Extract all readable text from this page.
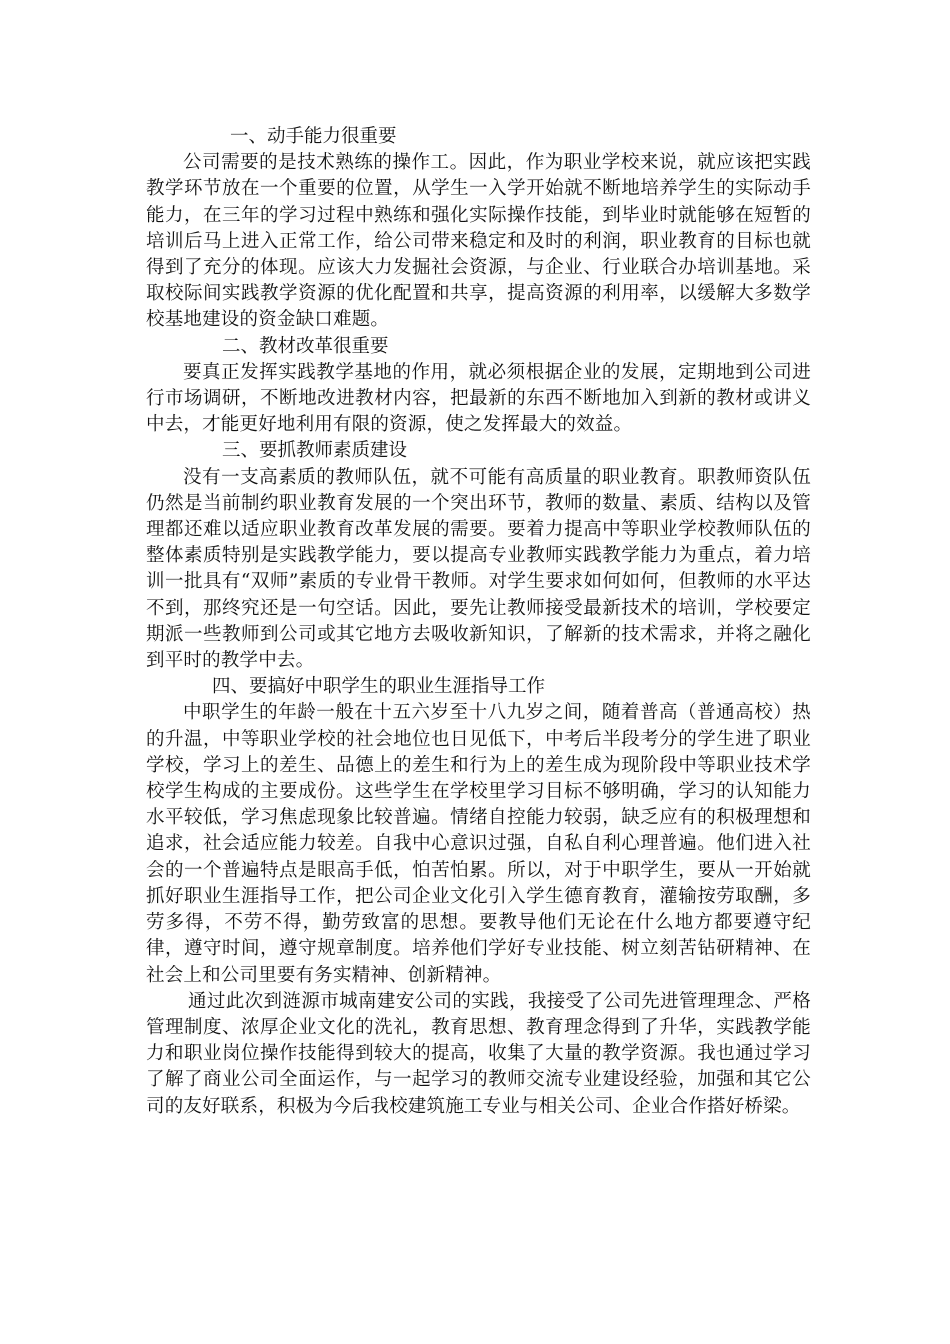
一、动手能力很重要

公司需要的是技术熟练的操作工。因此，作为职业学校来说，就应该把实践教学环节放在一个重要的位置，从学生一入学开始就不断地培养学生的实际动手能力，在三年的学习过程中熟练和强化实际操作技能，到毕业时就能够在短暂的培训后马上进入正常工作，给公司带来稳定和及时的利润，职业教育的目标也就得到了充分的体现。应该大力发掘社会资源，与企业、行业联合办培训基地。采取校际间实践教学资源的优化配置和共享，提高资源的利用率，以缓解大多数学校基地建设的资金缺口难题。

二、教材改革很重要

要真正发挥实践教学基地的作用，就必须根据企业的发展，定期地到公司进行市场调研，不断地改进教材内容，把最新的东西不断地加入到新的教材或讲义中去，才能更好地利用有限的资源，使之发挥最大的效益。

三、要抓教师素质建设

没有一支高素质的教师队伍，就不可能有高质量的职业教育。职教师资队伍仍然是当前制约职业教育发展的一个突出环节，教师的数量、素质、结构以及管理都还难以适应职业教育改革发展的需要。要着力提高中等职业学校教师队伍的整体素质特别是实践教学能力，要以提高专业教师实践教学能力为重点，着力培训一批具有“双师”素质的专业骨干教师。对学生要求如何如何，但教师的水平达不到，那终究还是一句空话。因此，要先让教师接受最新技术的培训，学校要定期派一些教师到公司或其它地方去吸收新知识，了解新的技术需求，并将之融化到平时的教学中去。

四、要搞好中职学生的职业生涯指导工作

中职学生的年龄一般在十五六岁至十八九岁之间，随着普高（普通高校）热的升温，中等职业学校的社会地位也日见低下，中考后半段考分的学生进了职业学校，学习上的差生、品德上的差生和行为上的差生成为现阶段中等职业技术学校学生构成的主要成份。这些学生在学校里学习目标不够明确，学习的认知能力水平较低，学习焦虑现象比较普遍。情绪自控能力较弱，缺乏应有的积极理想和追求，社会适应能力较差。自我中心意识过强，自私自利心理普遍。他们进入社会的一个普遍特点是眼高手低，怕苦怕累。所以，对于中职学生，要从一开始就抓好职业生涯指导工作，把公司企业文化引入学生德育教育，灌输按劳取酬，多劳多得，不劳不得，勤劳致富的思想。要教导他们无论在什么地方都要遵守纪律，遵守时间，遵守规章制度。培养他们学好专业技能、树立刻苦钻研精神、在社会上和公司里要有务实精神、创新精神。

通过此次到涟源市城南建安公司的实践，我接受了公司先进管理理念、严格管理制度、浓厚企业文化的洗礼，教育思想、教育理念得到了升华，实践教学能力和职业岗位操作技能得到较大的提高，收集了大量的教学资源。我也通过学习了解了商业公司全面运作，与一起学习的教师交流专业建设经验，加强和其它公司的友好联系，积极为今后我校建筑施工专业与相关公司、企业合作搭好桥梁。
